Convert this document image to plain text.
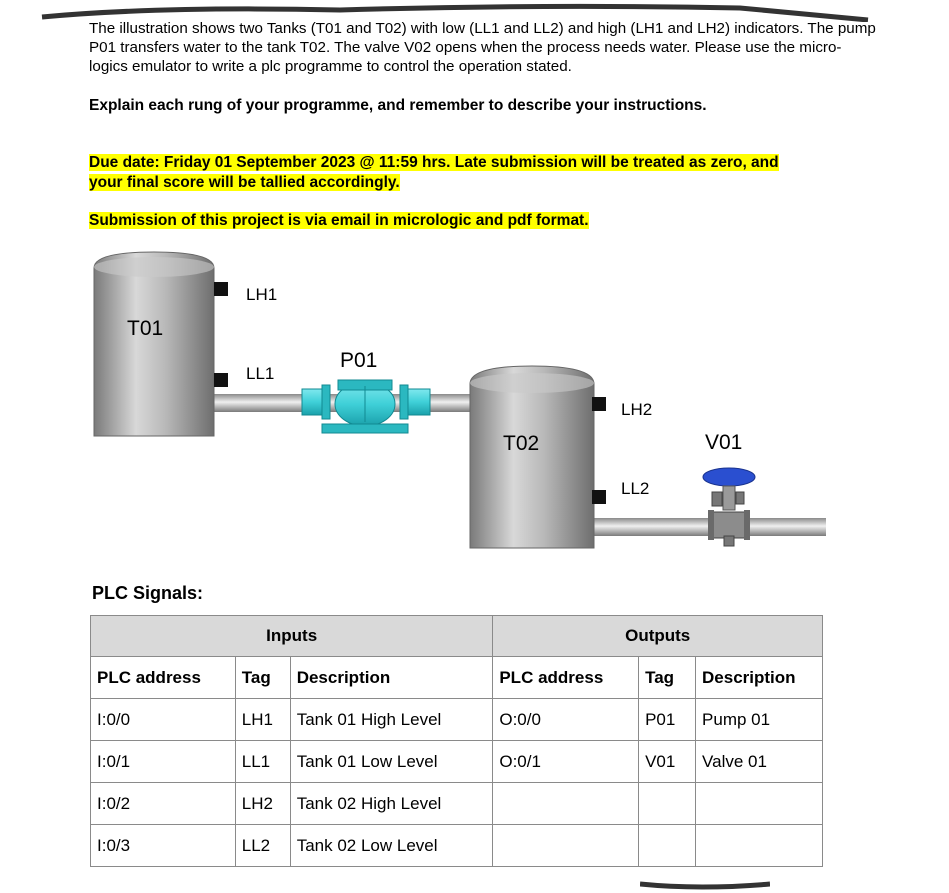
The illustration shows two Tanks (T01 and T02) with low (LL1 and LL2) and high (LH1 and LH2) indicators. The pump P01 transfers water to the tank T02. The valve V02 opens when the process needs water. Please use the micro-logics emulator to write a plc programme to control the operation stated.

Explain each rung of your programme, and remember to describe your instructions.

Due date: Friday 01 September 2023 @ 11:59 hrs. Late submission will be treated as zero, and
your final score will be tallied accordingly.

Submission of this project is via email in micrologic and pdf format.

T01
LH1
LL1
P01
T02
LH2
LL2
V01

PLC Signals:

Inputs			Outputs		
PLC address	Tag	Description	PLC address	Tag	Description
I:0/0	LH1	Tank 01 High Level	O:0/0	P01	Pump 01
I:0/1	LL1	Tank 01 Low Level	O:0/1	V01	Valve 01
I:0/2	LH2	Tank 02 High Level			
I:0/3	LL2	Tank 02 Low Level			
